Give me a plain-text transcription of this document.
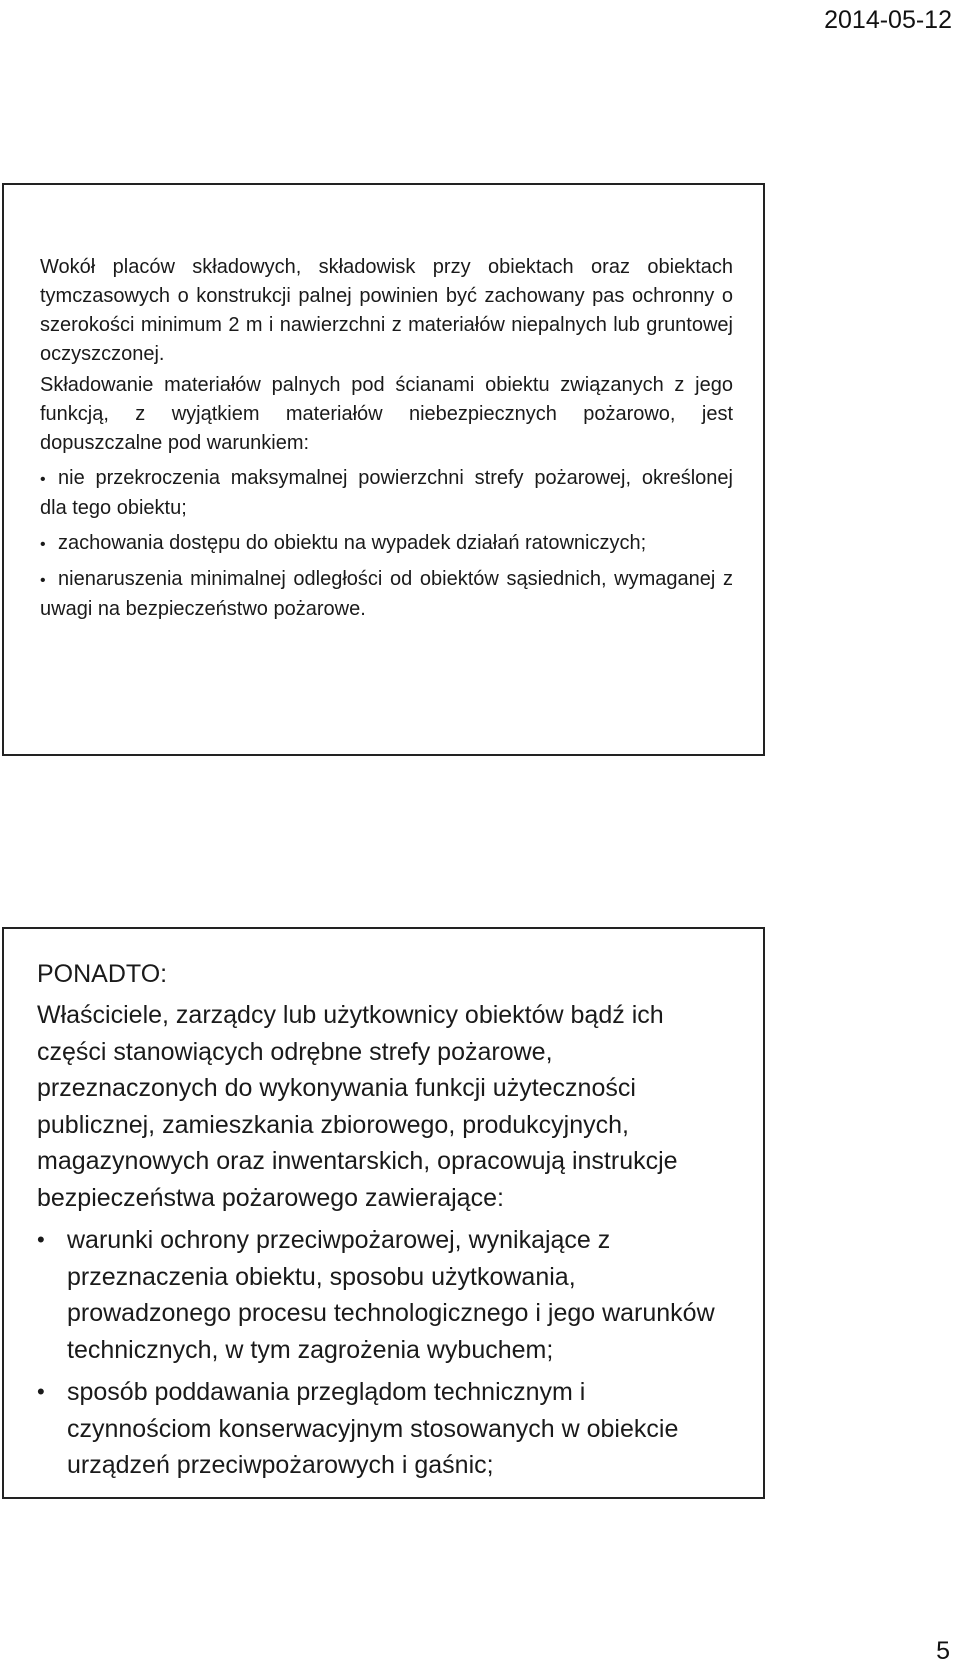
2014-05-12

Wokół placów składowych, składowisk przy obiektach oraz obiektach tymczasowych o konstrukcji palnej powinien być zachowany pas ochronny o szerokości minimum 2 m i nawierzchni z materiałów niepalnych lub gruntowej oczyszczonej.

Składowanie materiałów palnych pod ścianami obiektu związanych z jego funkcją, z wyjątkiem materiałów niebezpiecznych pożarowo, jest dopuszczalne pod warunkiem:

• nie przekroczenia maksymalnej powierzchni strefy pożarowej, określonej dla tego obiektu;
• zachowania dostępu do obiektu na wypadek działań ratowniczych;
• nienaruszenia minimalnej odległości od obiektów sąsiednich, wymaganej z uwagi na bezpieczeństwo pożarowe.

PONADTO:

Właściciele, zarządcy lub użytkownicy obiektów bądź ich części stanowiących odrębne strefy pożarowe, przeznaczonych do wykonywania funkcji użyteczności publicznej, zamieszkania zbiorowego, produkcyjnych, magazynowych oraz inwentarskich, opracowują instrukcje bezpieczeństwa pożarowego zawierające:

• warunki ochrony przeciwpożarowej, wynikające z przeznaczenia obiektu, sposobu użytkowania, prowadzonego procesu technologicznego i jego warunków technicznych, w tym zagrożenia wybuchem;
• sposób poddawania przeglądom technicznym i czynnościom konserwacyjnym stosowanych w obiekcie urządzeń przeciwpożarowych i gaśnic;
5
